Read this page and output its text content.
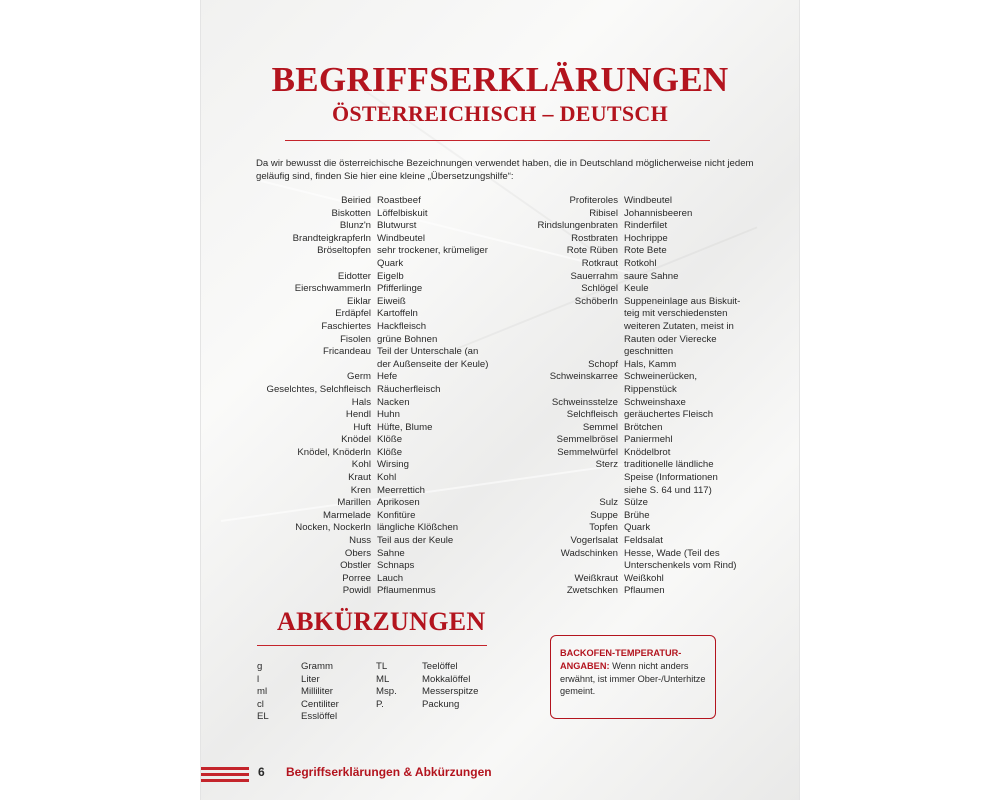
BEGRIFFSERKLÄRUNGEN
ÖSTERREICHISCH – DEUTSCH

Da wir bewusst die österreichische Bezeichnungen verwendet haben, die in Deutschland möglicherweise nicht jedem geläufig sind, finden Sie hier eine kleine „Übersetzungshilfe“:

Beiried Roastbeef
Biskotten Löffelbiskuit
Blunz'n Blutwurst
Brandteigkrapferln Windbeutel
Bröseltopfen sehr trockener, krümeliger
Quark
Eidotter Eigelb
Eierschwammerln Pfifferlinge
Eiklar Eiweiß
Erdäpfel Kartoffeln
Faschiertes Hackfleisch
Fisolen grüne Bohnen
Fricandeau Teil der Unterschale (an
der Außenseite der Keule)
Germ Hefe
Geselchtes, Selchfleisch Räucherfleisch
Hals Nacken
Hendl Huhn
Huft Hüfte, Blume
Knödel Klöße
Knödel, Knöderln Klöße
Kohl Wirsing
Kraut Kohl
Kren Meerrettich
Marillen Aprikosen
Marmelade Konfitüre
Nocken, Nockerln längliche Klößchen
Nuss Teil aus der Keule
Obers Sahne
Obstler Schnaps
Porree Lauch
Powidl Pflaumenmus
Profiteroles Windbeutel
Ribisel Johannisbeeren
Rindslungenbraten Rinderfilet
Rostbraten Hochrippe
Rote Rüben Rote Bete
Rotkraut Rotkohl
Sauerrahm saure Sahne
Schlögel Keule
Schöberln Suppeneinlage aus Biskuit-
teig mit verschiedensten
weiteren Zutaten, meist in
Rauten oder Vierecke
geschnitten
Schopf Hals, Kamm
Schweinskarree Schweinerücken,
Rippenstück
Schweinsstelze Schweinshaxe
Selchfleisch geräuchertes Fleisch
Semmel Brötchen
Semmelbrösel Paniermehl
Semmelwürfel Knödelbrot
Sterz traditionelle ländliche
Speise (Informationen
siehe S. 64 und 117)
Sulz Sülze
Suppe Brühe
Topfen Quark
Vogerlsalat Feldsalat
Wadschinken Hesse, Wade (Teil des
Unterschenkels vom Rind)
Weißkraut Weißkohl
Zwetschken Pflaumen
ABKÜRZUNGEN
g
l
ml
cl
EL
Gramm
Liter
Milliliter
Centiliter
Esslöffel
TL
ML
Msp.
P.
Teelöffel
Mokkalöffel
Messerspitze
Packung
BACKOFEN-TEMPERATUR-ANGABEN: Wenn nicht anders erwähnt, ist immer Ober-/Unterhitze gemeint.
6 Begriffserklärungen & Abkürzungen
